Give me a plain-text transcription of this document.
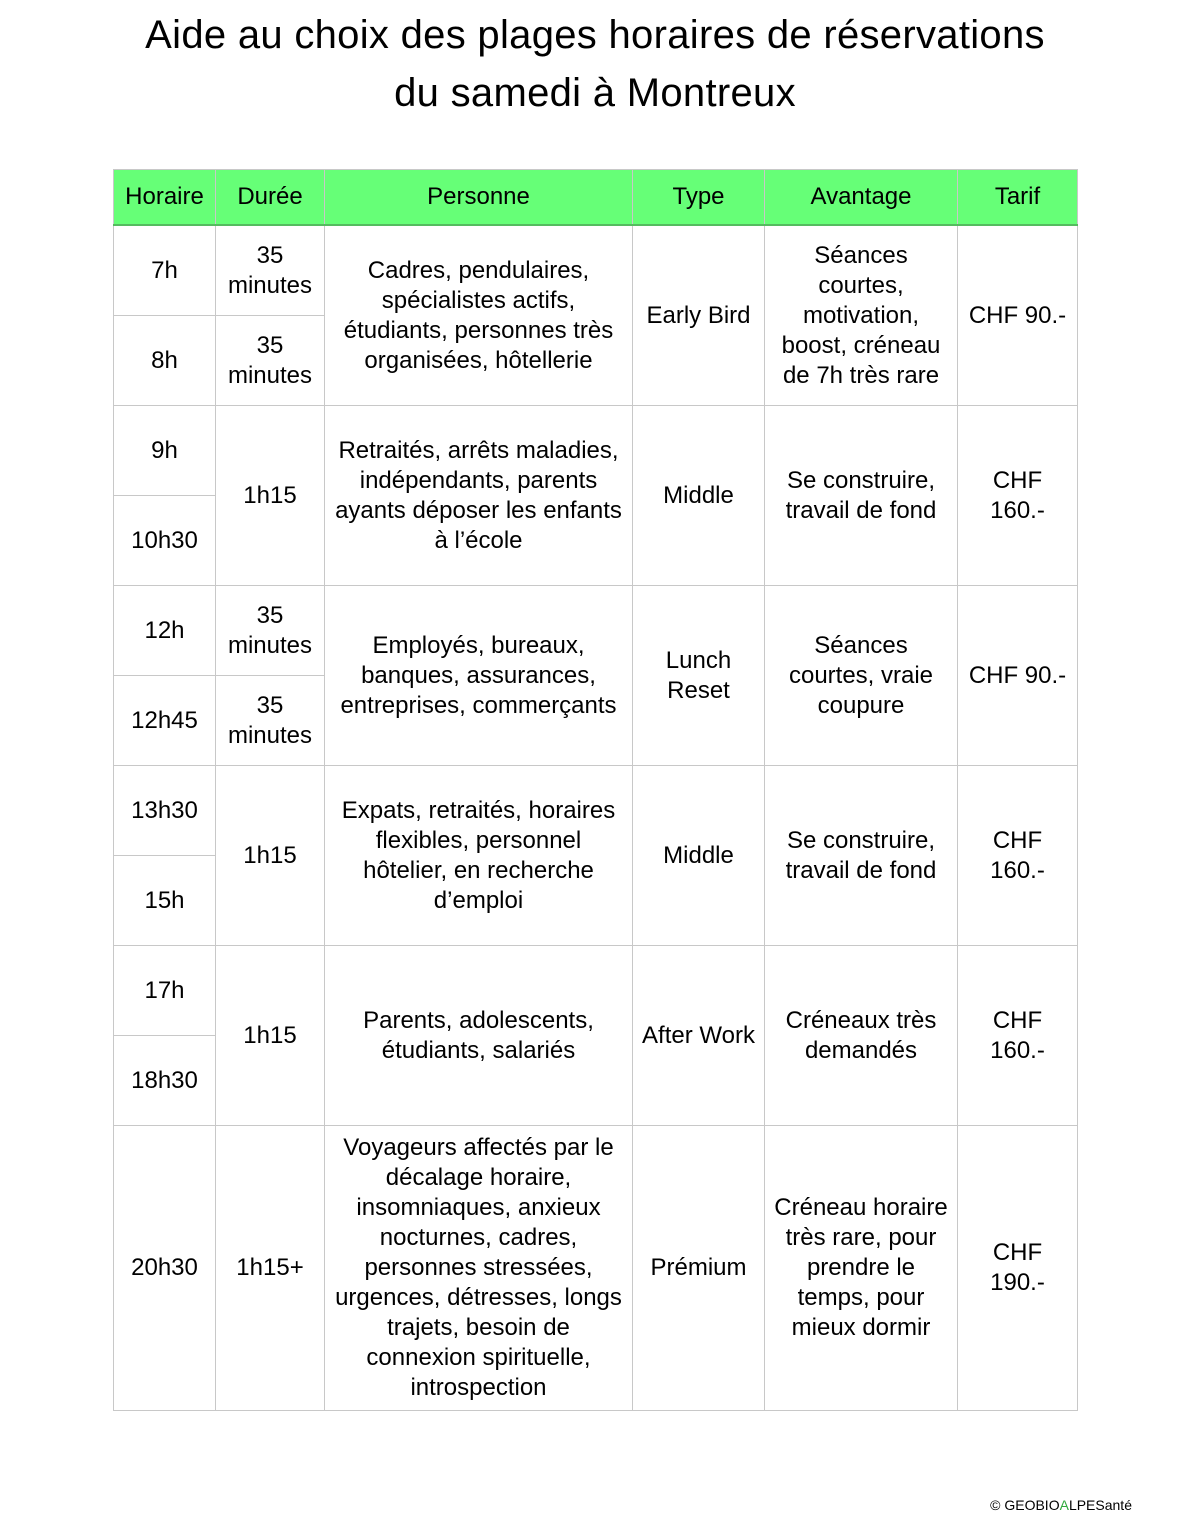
Aide au choix des plages horaires de réservations
du samedi à Montreux
Horaire	Durée	Personne	Type	Avantage	Tarif
7h	35 minutes	Cadres, pendulaires, spécialistes actifs, étudiants, personnes très organisées, hôtellerie	Early Bird	Séances courtes, motivation, boost, créneau de 7h très rare	CHF 90.-
8h	35 minutes				
9h	1h15	Retraités, arrêts maladies, indépendants, parents ayants déposer les enfants à l’école	Middle	Se construire, travail de fond	CHF 160.-
10h30					
12h	35 minutes	Employés, bureaux, banques, assurances, entreprises, commerçants	Lunch Reset	Séances courtes, vraie coupure	CHF 90.-
12h45	35 minutes				
13h30	1h15	Expats, retraités, horaires flexibles, personnel hôtelier, en recherche d’emploi	Middle	Se construire, travail de fond	CHF 160.-
15h					
17h	1h15	Parents, adolescents, étudiants, salariés	After Work	Créneaux très demandés	CHF 160.-
18h30					
20h30	1h15+	Voyageurs affectés par le décalage horaire, insomniaques, anxieux nocturnes, cadres, personnes stressées, urgences, détresses, longs trajets, besoin de connexion spirituelle, introspection	Prémium	Créneau horaire très rare, pour prendre le temps, pour mieux dormir	CHF 190.-
© GEOBIOALPESanté
